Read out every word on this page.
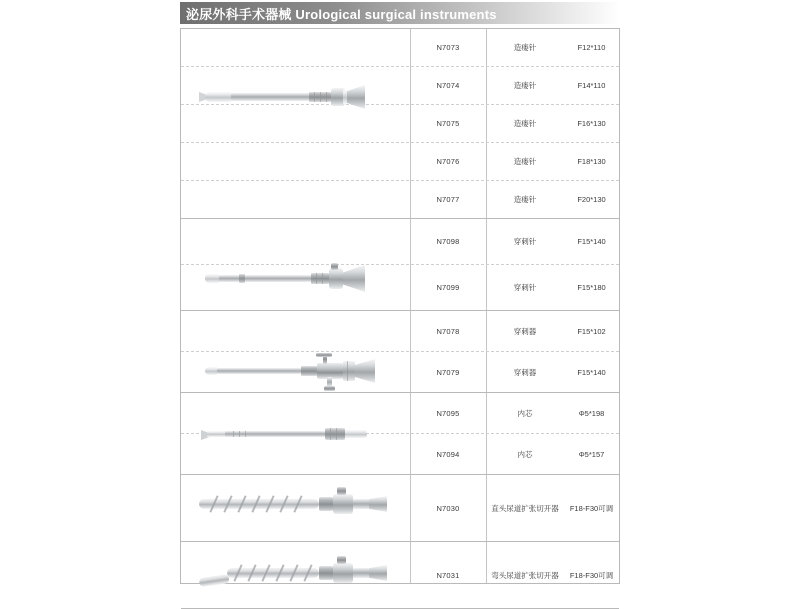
泌尿外科手术器械 Urological surgical instruments
N7073	造瘘针	F12*110
N7074	造瘘针	F14*110
N7075	造瘘针	F16*130
N7076	造瘘针	F18*130
N7077	造瘘针	F20*130
N7098	穿刺针	F15*140
N7099	穿刺针	F15*180
N7078	穿刺器	F15*102
N7079	穿刺器	F15*140
N7095	内芯	Φ5*198
N7094	内芯	Φ5*157
N7030	直头尿道扩张切开器	F18-F30可调
N7031	弯头尿道扩张切开器	F18-F30可调
